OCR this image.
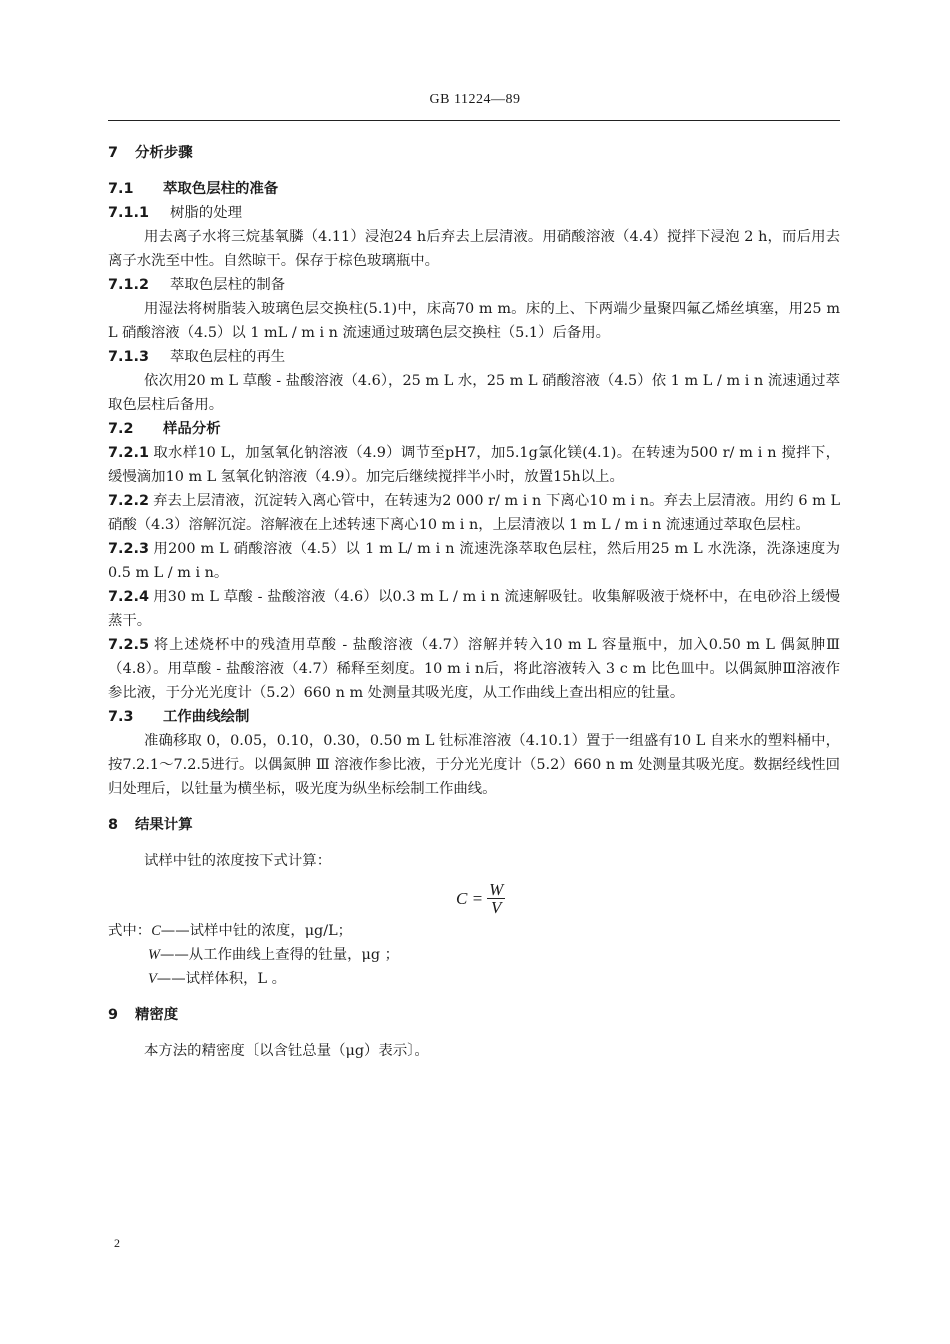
GB 11224—89
7 分析步骤
7.1 萃取色层柱的准备
7.1.1 树脂的处理
用去离子水将三烷基氧膦（4.11）浸泡24 h后弃去上层清液。用硝酸溶液（4.4）搅拌下浸泡 2 h，而后用去离子水洗至中性。自然晾干。保存于棕色玻璃瓶中。
7.1.2 萃取色层柱的制备
用湿法将树脂装入玻璃色层交换柱(5.1)中，床高70 m m。床的上、下两端少量聚四氟乙烯丝填塞，用25 m L 硝酸溶液（4.5）以 1 mL / m i n 流速通过玻璃色层交换柱（5.1）后备用。
7.1.3 萃取色层柱的再生
依次用20 m L 草酸 - 盐酸溶液（4.6），25 m L 水，25 m L 硝酸溶液（4.5）依 1 m L / m i n 流速通过萃取色层柱后备用。
7.2 样品分析
7.2.1 取水样10 L，加氢氧化钠溶液（4.9）调节至pH7，加5.1g氯化镁(4.1)。在转速为500 r/ m i n 搅拌下，缓慢滴加10 m L 氢氧化钠溶液（4.9）。加完后继续搅拌半小时，放置15h以上。
7.2.2 弃去上层清液，沉淀转入离心管中，在转速为2 000 r/ m i n 下离心10 m i n。弃去上层清液。用约 6 m L 硝酸（4.3）溶解沉淀。溶解液在上述转速下离心10 m i n，上层清液以 1 m L / m i n 流速通过萃取色层柱。
7.2.3 用200 m L 硝酸溶液（4.5）以 1 m L/ m i n 流速洗涤萃取色层柱，然后用25 m L 水洗涤，洗涤速度为 0.5 m L / m i n。
7.2.4 用30 m L 草酸 - 盐酸溶液（4.6）以0.3 m L / m i n 流速解吸钍。收集解吸液于烧杯中，在电砂浴上缓慢蒸干。
7.2.5 将上述烧杯中的残渣用草酸 - 盐酸溶液（4.7）溶解并转入10 m L 容量瓶中，加入0.50 m L 偶氮胂Ⅲ（4.8）。用草酸 - 盐酸溶液（4.7）稀释至刻度。10 m i n后，将此溶液转入 3 c m 比色皿中。以偶氮胂Ⅲ溶液作参比液，于分光光度计（5.2）660 n m 处测量其吸光度，从工作曲线上查出相应的钍量。
7.3 工作曲线绘制
准确移取 0，0.05，0.10，0.30，0.50 m L 钍标准溶液（4.10.1）置于一组盛有10 L 自来水的塑料桶中，按7.2.1～7.2.5进行。以偶氮胂 Ⅲ 溶液作参比液，于分光光度计（5.2）660 n m 处测量其吸光度。数据经线性回归处理后，以钍量为横坐标，吸光度为纵坐标绘制工作曲线。
8 结果计算
试样中钍的浓度按下式计算：
$C = \frac{W}{V}$
式中：C——试样中钍的浓度，μg/L；
W——从工作曲线上查得的钍量，μg ；
V——试样体积，L 。
9 精密度
本方法的精密度〔以含钍总量（μg）表示〕。
2
